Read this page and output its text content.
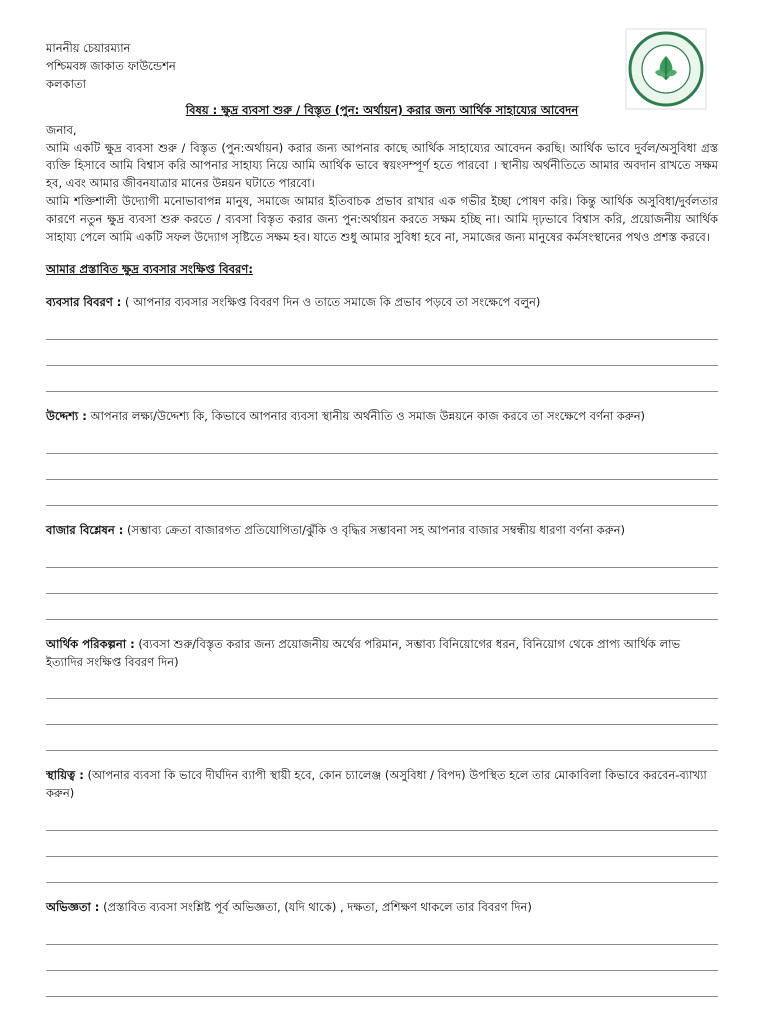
মাননীয় চেয়ারম্যান
পশ্চিমবঙ্গ জাকাত ফাউন্ডেশন
কলকাতা
বিষয় : ক্ষুদ্র ব্যবসা শুরু / বিস্তৃত (পুন: অর্থায়ন) করার জন্য আর্থিক সাহায্যের আবেদন
জনাব,
আমি একটি ক্ষুদ্র ব্যবসা শুরু / বিস্তৃত (পুন:অর্থায়ন) করার জন্য আপনার কাছে আর্থিক সাহায্যের আবেদন করছি। আর্থিক ভাবে দুর্বল/অসুবিধা গ্রস্ত ব্যক্তি হিসাবে আমি বিশ্বাস করি আপনার সাহায্য নিয়ে আমি আর্থিক ভাবে স্বয়ংসম্পূর্ণ হতে পারবো । স্থানীয় অর্থনীতিতে আমার অবদান রাখতে সক্ষম হব, এবং আমার জীবনযাত্রার মানের উন্নয়ন ঘটাতে পারবো।
আমি শক্তিশালী উদ্যোগী মনোভাবাপন্ন মানুষ, সমাজে আমার ইতিবাচক প্রভাব রাখার এক গভীর ইচ্ছা পোষণ করি। কিন্তু আর্থিক অসুবিধা/দুর্বলতার কারণে নতুন ক্ষুদ্র ব্যবসা শুরু করতে / ব্যবসা বিস্তৃত করার জন্য পুন:অর্থায়ন করতে সক্ষম হচ্ছি না। আমি দৃঢ়ভাবে বিশ্বাস করি, প্রয়োজনীয় আর্থিক সাহায্য পেলে আমি একটি সফল উদ্যোগ সৃষ্টিতে সক্ষম হব। যাতে শুধু আমার সুবিধা হবে না, সমাজের জন্য মানুষের কর্মসংস্থানের পথও প্রশস্ত করবে।
আমার প্রস্তাবিত ক্ষুদ্র ব্যবসার সংক্ষিপ্ত বিবরণ:
ব্যবসার বিবরণ : ( আপনার ব্যবসার সংক্ষিপ্ত বিবরণ দিন ও তাতে সমাজে কি প্রভাব পড়বে তা সংক্ষেপে বলুন)
উদ্দেশ্য : আপনার লক্ষ্য/উদ্দেশ্য কি, কিভাবে আপনার ব্যবসা স্থানীয় অর্থনীতি ও সমাজ উন্নয়নে কাজ করবে তা সংক্ষেপে বর্ণনা করুন)
বাজার বিশ্লেষন : (সম্ভাব্য ক্রেতা বাজারগত প্রতিযোগিতা/ঝুঁকি ও বৃদ্ধির সম্ভাবনা সহ আপনার বাজার সম্বন্ধীয় ধারণা বর্ণনা করুন)
আর্থিক পরিকল্পনা : (ব্যবসা শুরু/বিস্তৃত করার জন্য প্রয়োজনীয় অর্থের পরিমান, সম্ভাব্য বিনিয়োগের ধরন, বিনিয়োগ থেকে প্রাপ্য আর্থিক লাভ ইত্যাদির সংক্ষিপ্ত বিবরণ দিন)
স্থায়িত্ব : (আপনার ব্যবসা কি ভাবে দীর্ঘদিন ব্যাপী স্থায়ী হবে, কোন চ্যালেঞ্জ (অসুবিধা / বিপদ) উপস্থিত হলে তার মোকাবিলা কিভাবে করবেন-ব্যাখ্যা করুন)
অভিজ্ঞতা : (প্রস্তাবিত ব্যবসা সংশ্লিষ্ট পূর্ব অভিজ্ঞতা, (যদি থাকে) , দক্ষতা, প্রশিক্ষণ থাকলে তার বিবরণ দিন)
